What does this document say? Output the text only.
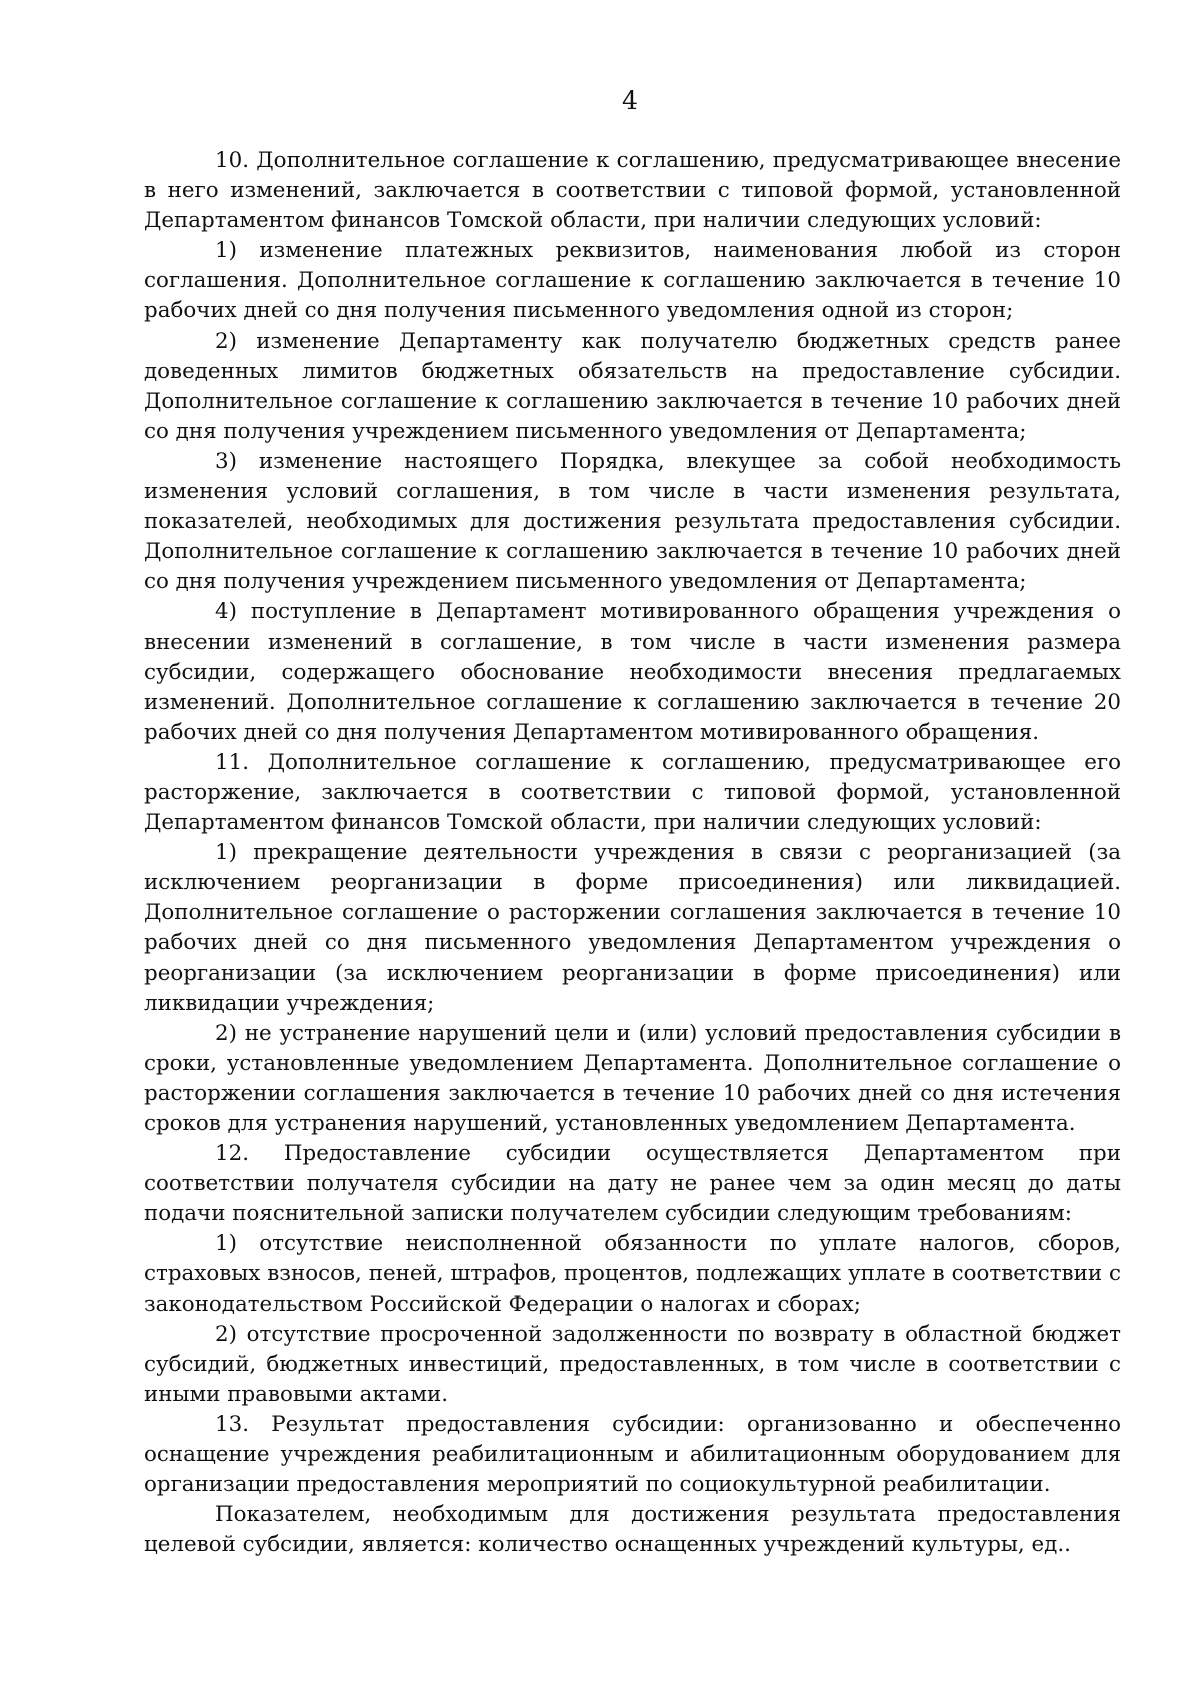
4

10. Дополнительное соглашение к соглашению, предусматривающее внесение в него изменений, заключается в соответствии с типовой формой, установленной Департаментом финансов Томской области, при наличии следующих условий:

1) изменение платежных реквизитов, наименования любой из сторон соглашения. Дополнительное соглашение к соглашению заключается в течение 10 рабочих дней со дня получения письменного уведомления одной из сторон;

2) изменение Департаменту как получателю бюджетных средств ранее доведенных лимитов бюджетных обязательств на предоставление субсидии. Дополнительное соглашение к соглашению заключается в течение 10 рабочих дней со дня получения учреждением письменного уведомления от Департамента;

3) изменение настоящего Порядка, влекущее за собой необходимость изменения условий соглашения, в том числе в части изменения результата, показателей, необходимых для достижения результата предоставления субсидии. Дополнительное соглашение к соглашению заключается в течение 10 рабочих дней со дня получения учреждением письменного уведомления от Департамента;

4) поступление в Департамент мотивированного обращения учреждения о внесении изменений в соглашение, в том числе в части изменения размера субсидии, содержащего обоснование необходимости внесения предлагаемых изменений. Дополнительное соглашение к соглашению заключается в течение 20 рабочих дней со дня получения Департаментом мотивированного обращения.

11. Дополнительное соглашение к соглашению, предусматривающее его расторжение, заключается в соответствии с типовой формой, установленной Департаментом финансов Томской области, при наличии следующих условий:

1) прекращение деятельности учреждения в связи с реорганизацией (за исключением реорганизации в форме присоединения) или ликвидацией. Дополнительное соглашение о расторжении соглашения заключается в течение 10 рабочих дней со дня письменного уведомления Департаментом учреждения о реорганизации (за исключением реорганизации в форме присоединения) или ликвидации учреждения;

2) не устранение нарушений цели и (или) условий предоставления субсидии в сроки, установленные уведомлением Департамента. Дополнительное соглашение о расторжении соглашения заключается в течение 10 рабочих дней со дня истечения сроков для устранения нарушений, установленных уведомлением Департамента.

12. Предоставление субсидии осуществляется Департаментом при соответствии получателя субсидии на дату не ранее чем за один месяц до даты подачи пояснительной записки получателем субсидии следующим требованиям:

1) отсутствие неисполненной обязанности по уплате налогов, сборов, страховых взносов, пеней, штрафов, процентов, подлежащих уплате в соответствии с законодательством Российской Федерации о налогах и сборах;

2) отсутствие просроченной задолженности по возврату в областной бюджет субсидий, бюджетных инвестиций, предоставленных, в том числе в соответствии с иными правовыми актами.

13. Результат предоставления субсидии: организованно и обеспеченно оснащение учреждения реабилитационным и абилитационным оборудованием для организации предоставления мероприятий по социокультурной реабилитации.

Показателем, необходимым для достижения результата предоставления целевой субсидии, является: количество оснащенных учреждений культуры, ед..
